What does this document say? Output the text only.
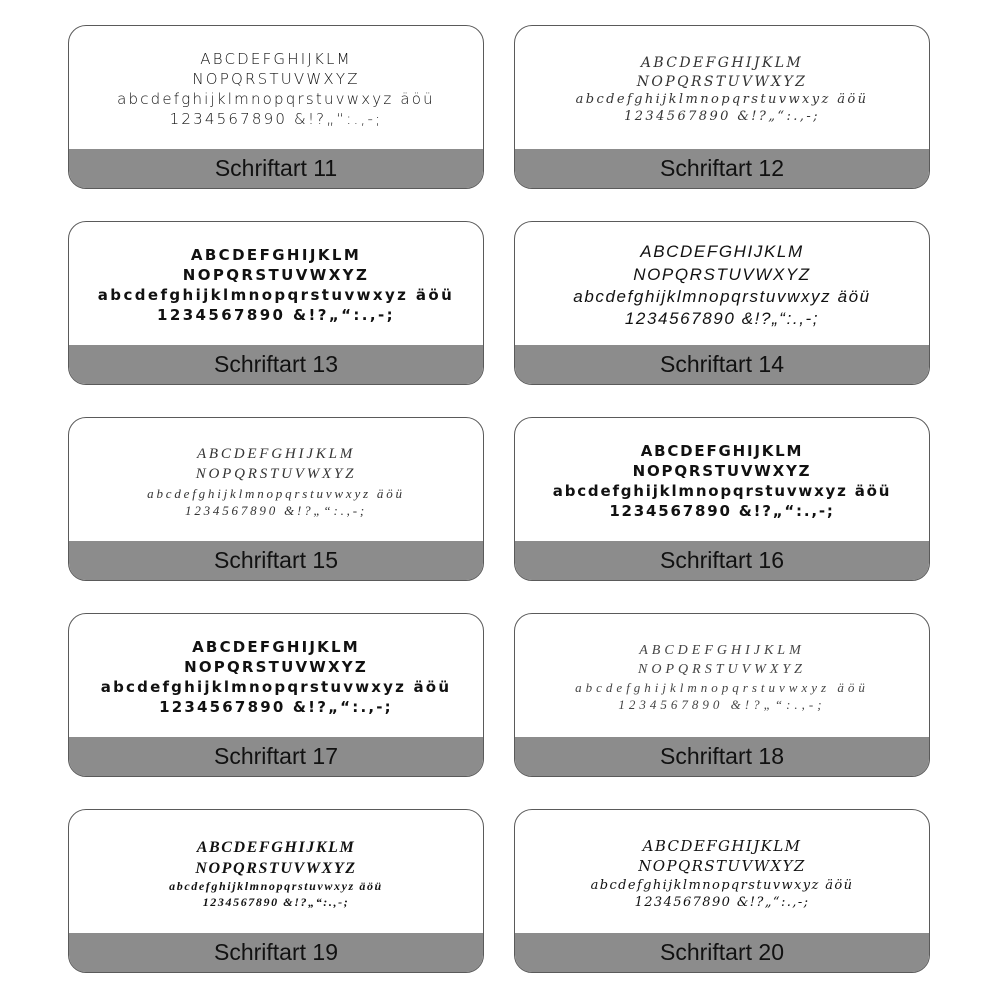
ABCDEFGHIJKLM
NOPQRSTUVWXYZ
abcdefghijklmnopqrstuvwxyz äöü
1234567890 &!?„“:.,-;
Schriftart 11
ABCDEFGHIJKLM
NOPQRSTUVWXYZ
abcdefghijklmnopqrstuvwxyz äöü
1234567890 &!?„“:.,-;
Schriftart 12
ABCDEFGHIJKLM
NOPQRSTUVWXYZ
abcdefghijklmnopqrstuvwxyz äöü
1234567890 &!?„“:.,-;
Schriftart 13
ABCDEFGHIJKLM
NOPQRSTUVWXYZ
abcdefghijklmnopqrstuvwxyz äöü
1234567890 &!?„“:.,-;
Schriftart 14
ABCDEFGHIJKLM
NOPQRSTUVWXYZ
abcdefghijklmnopqrstuvwxyz äöü
1234567890 &!?„“:.,-;
Schriftart 15
ABCDEFGHIJKLM
NOPQRSTUVWXYZ
abcdefghijklmnopqrstuvwxyz äöü
1234567890 &!?„“:.,-;
Schriftart 16
ABCDEFGHIJKLM
NOPQRSTUVWXYZ
abcdefghijklmnopqrstuvwxyz äöü
1234567890 &!?„“:.,-;
Schriftart 17
ABCDEFGHIJKLM
NOPQRSTUVWXYZ
abcdefghijklmnopqrstuvwxyz äöü
1234567890 &!?„“:.,-;
Schriftart 18
ABCDEFGHIJKLM
NOPQRSTUVWXYZ
abcdefghijklmnopqrstuvwxyz äöü
1234567890 &!?„“:.,-;
Schriftart 19
ABCDEFGHIJKLM
NOPQRSTUVWXYZ
abcdefghijklmnopqrstuvwxyz äöü
1234567890 &!?„“:.,-;
Schriftart 20
